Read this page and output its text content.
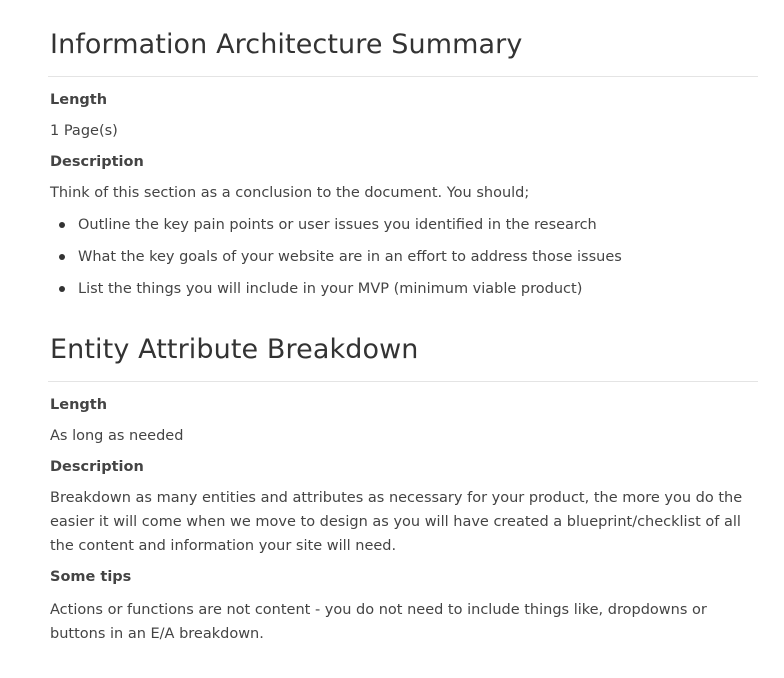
Information Architecture Summary

Length

1 Page(s)

Description

Think of this section as a conclusion to the document. You should;

Outline the key pain points or user issues you identified in the research
What the key goals of your website are in an effort to address those issues
List the things you will include in your MVP (minimum viable product)
Entity Attribute Breakdown

Length

As long as needed

Description

Breakdown as many entities and attributes as necessary for your product, the more you do the easier it will come when we move to design as you will have created a blueprint/checklist of all the content and information your site will need.

Some tips

Actions or functions are not content - you do not need to include things like, dropdowns or buttons in an E/A breakdown.
